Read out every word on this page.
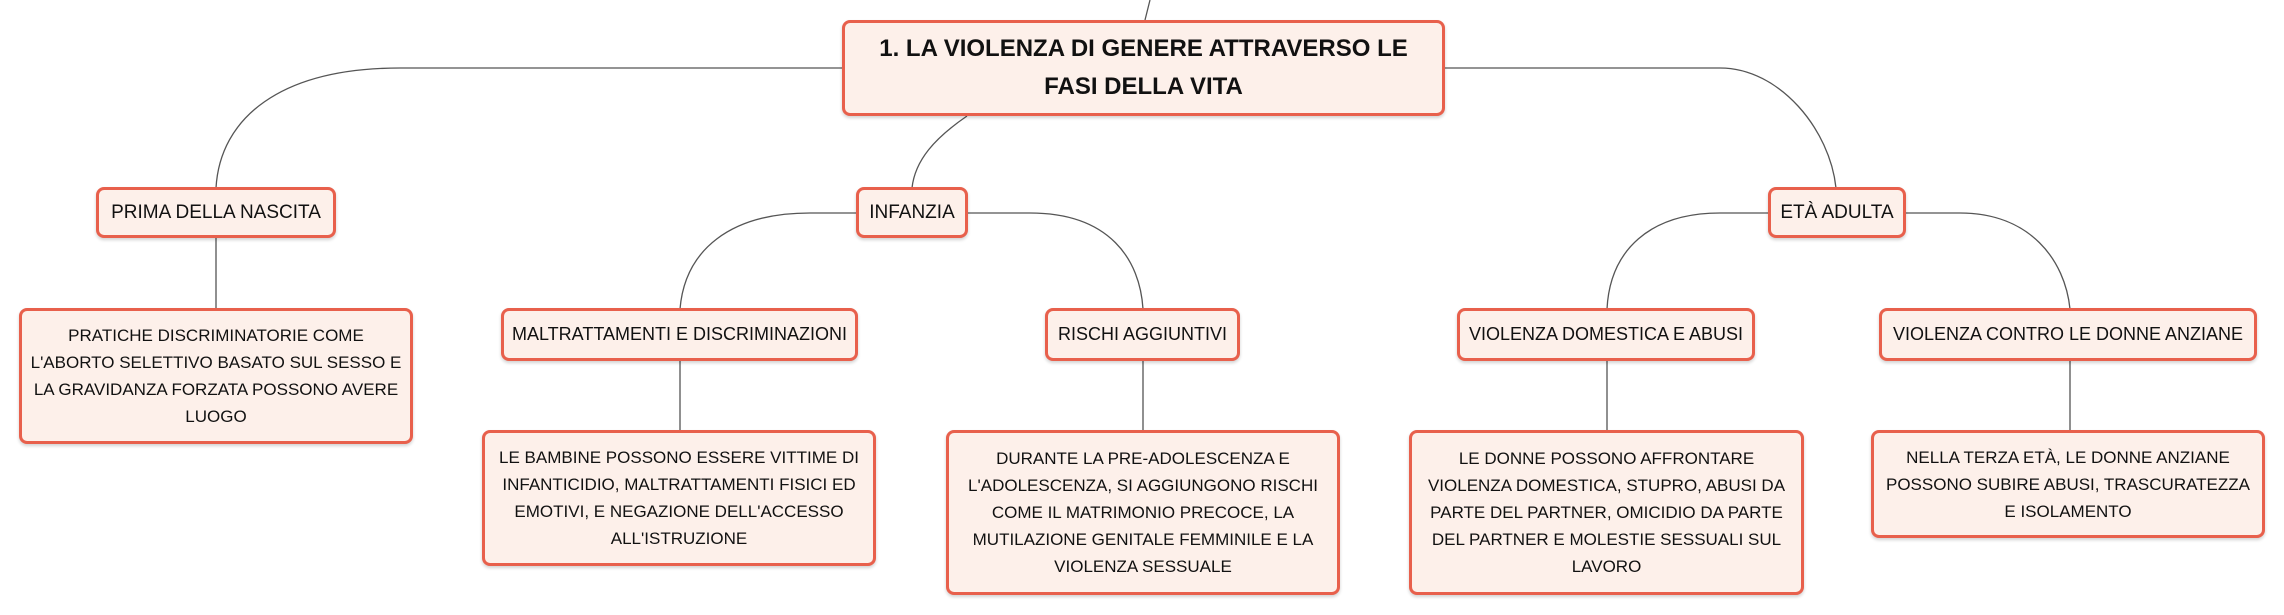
1. LA VIOLENZA DI GENERE ATTRAVERSO LE FASI DELLA VITA
PRIMA DELLA NASCITA	INFANZIA	ETÀ ADULTA
PRATICHE DISCRIMINATORIE COME L'ABORTO SELETTIVO BASATO SUL SESSO E LA GRAVIDANZA FORZATA POSSONO AVERE LUOGO
MALTRATTAMENTI E DISCRIMINAZIONI	RISCHI AGGIUNTIVI	VIOLENZA DOMESTICA E ABUSI	VIOLENZA CONTRO LE DONNE ANZIANE
LE BAMBINE POSSONO ESSERE VITTIME DI INFANTICIDIO, MALTRATTAMENTI FISICI ED EMOTIVI, E NEGAZIONE DELL'ACCESSO ALL'ISTRUZIONE
DURANTE LA PRE-ADOLESCENZA E L'ADOLESCENZA, SI AGGIUNGONO RISCHI COME IL MATRIMONIO PRECOCE, LA MUTILAZIONE GENITALE FEMMINILE E LA VIOLENZA SESSUALE
LE DONNE POSSONO AFFRONTARE VIOLENZA DOMESTICA, STUPRO, ABUSI DA PARTE DEL PARTNER, OMICIDIO DA PARTE DEL PARTNER E MOLESTIE SESSUALI SUL LAVORO
NELLA TERZA ETÀ, LE DONNE ANZIANE POSSONO SUBIRE ABUSI, TRASCURATEZZA E ISOLAMENTO
